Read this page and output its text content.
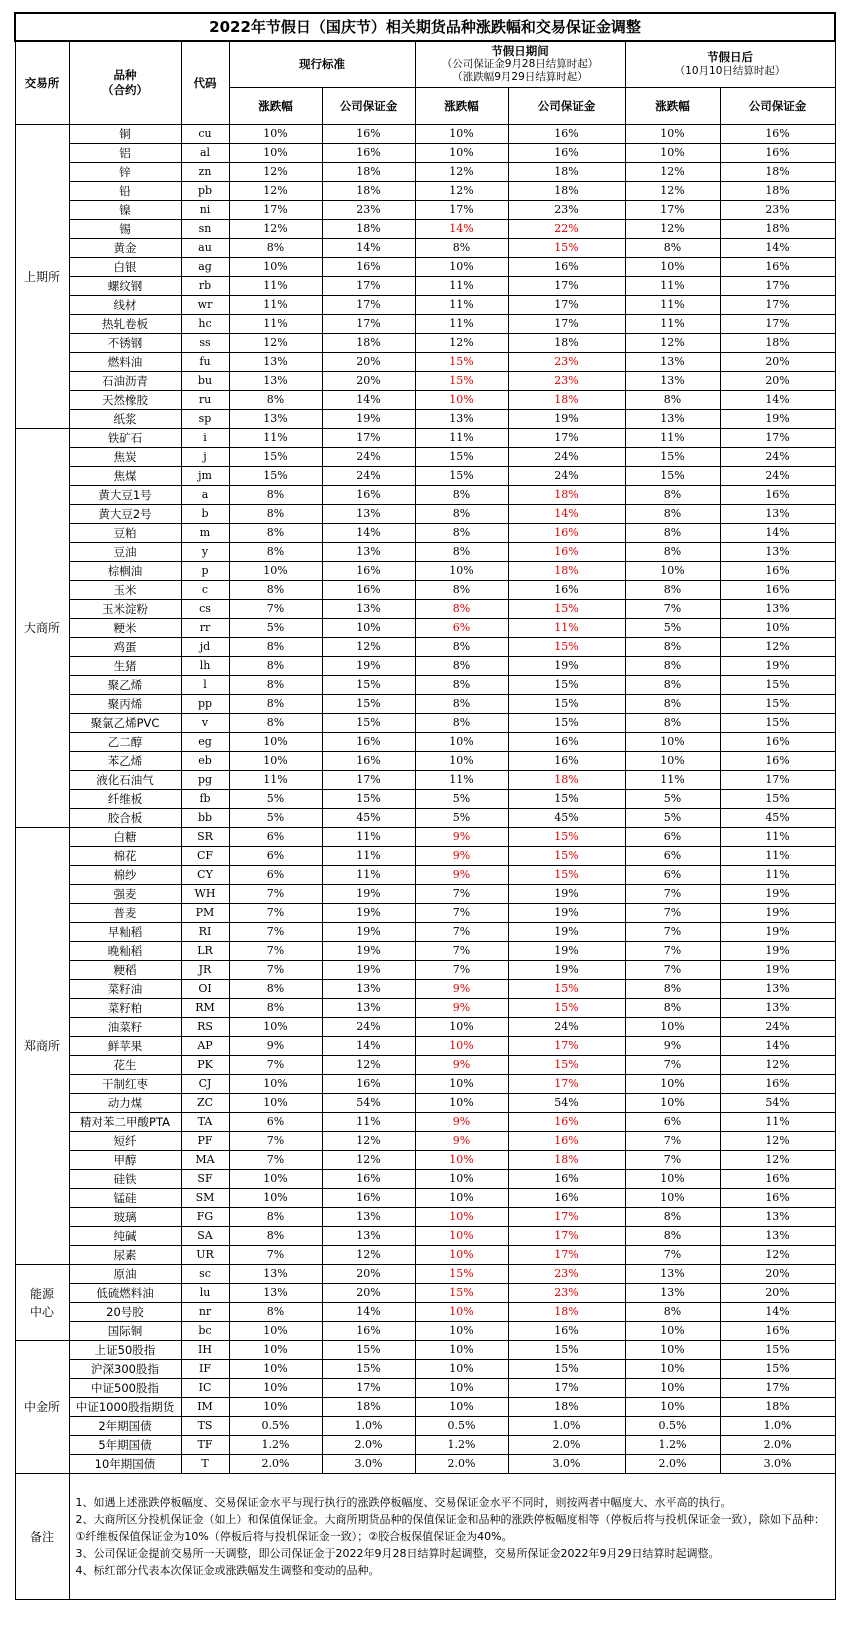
2022年节假日（国庆节）相关期货品种涨跌幅和交易保证金调整								
交易所	品种
（合约）	代码	现行标准		节假日期间
（公司保证金9月28日结算时起）
（涨跌幅9月29日结算时起）		节假日后
（10月10日结算时起）	

			涨跌幅	公司保证金	涨跌幅	公司保证金	涨跌幅	公司保证金
上期所	铜	cu	10%	16%	10%	16%	10%	16%
	铝	al	10%	16%	10%	16%	10%	16%
	锌	zn	12%	18%	12%	18%	12%	18%
	铅	pb	12%	18%	12%	18%	12%	18%
	镍	ni	17%	23%	17%	23%	17%	23%
	锡	sn	12%	18%	14%	22%	12%	18%
	黄金	au	8%	14%	8%	15%	8%	14%
	白银	ag	10%	16%	10%	16%	10%	16%
	螺纹钢	rb	11%	17%	11%	17%	11%	17%
	线材	wr	11%	17%	11%	17%	11%	17%
	热轧卷板	hc	11%	17%	11%	17%	11%	17%
	不锈钢	ss	12%	18%	12%	18%	12%	18%
	燃料油	fu	13%	20%	15%	23%	13%	20%
	石油沥青	bu	13%	20%	15%	23%	13%	20%
	天然橡胶	ru	8%	14%	10%	18%	8%	14%
	纸浆	sp	13%	19%	13%	19%	13%	19%
大商所	铁矿石	i	11%	17%	11%	17%	11%	17%
	焦炭	j	15%	24%	15%	24%	15%	24%
	焦煤	jm	15%	24%	15%	24%	15%	24%
	黄大豆1号	a	8%	16%	8%	18%	8%	16%
	黄大豆2号	b	8%	13%	8%	14%	8%	13%
	豆粕	m	8%	14%	8%	16%	8%	14%
	豆油	y	8%	13%	8%	16%	8%	13%
	棕榈油	p	10%	16%	10%	18%	10%	16%
	玉米	c	8%	16%	8%	16%	8%	16%
	玉米淀粉	cs	7%	13%	8%	15%	7%	13%
	粳米	rr	5%	10%	6%	11%	5%	10%
	鸡蛋	jd	8%	12%	8%	15%	8%	12%
	生猪	lh	8%	19%	8%	19%	8%	19%
	聚乙烯	l	8%	15%	8%	15%	8%	15%
	聚丙烯	pp	8%	15%	8%	15%	8%	15%
	聚氯乙烯PVC	v	8%	15%	8%	15%	8%	15%
	乙二醇	eg	10%	16%	10%	16%	10%	16%
	苯乙烯	eb	10%	16%	10%	16%	10%	16%
	液化石油气	pg	11%	17%	11%	18%	11%	17%
	纤维板	fb	5%	15%	5%	15%	5%	15%
	胶合板	bb	5%	45%	5%	45%	5%	45%
郑商所	白糖	SR	6%	11%	9%	15%	6%	11%
	棉花	CF	6%	11%	9%	15%	6%	11%
	棉纱	CY	6%	11%	9%	15%	6%	11%
	强麦	WH	7%	19%	7%	19%	7%	19%
	普麦	PM	7%	19%	7%	19%	7%	19%
	早籼稻	RI	7%	19%	7%	19%	7%	19%
	晚籼稻	LR	7%	19%	7%	19%	7%	19%
	粳稻	JR	7%	19%	7%	19%	7%	19%
	菜籽油	OI	8%	13%	9%	15%	8%	13%
	菜籽粕	RM	8%	13%	9%	15%	8%	13%
	油菜籽	RS	10%	24%	10%	24%	10%	24%
	鲜苹果	AP	9%	14%	10%	17%	9%	14%
	花生	PK	7%	12%	9%	15%	7%	12%
	干制红枣	CJ	10%	16%	10%	17%	10%	16%
	动力煤	ZC	10%	54%	10%	54%	10%	54%
	精对苯二甲酸PTA	TA	6%	11%	9%	16%	6%	11%
	短纤	PF	7%	12%	9%	16%	7%	12%
	甲醇	MA	7%	12%	10%	18%	7%	12%
	硅铁	SF	10%	16%	10%	16%	10%	16%
	锰硅	SM	10%	16%	10%	16%	10%	16%
	玻璃	FG	8%	13%	10%	17%	8%	13%
	纯碱	SA	8%	13%	10%	17%	8%	13%
	尿素	UR	7%	12%	10%	17%	7%	12%
能源中心	原油	sc	13%	20%	15%	23%	13%	20%
	低硫燃料油	lu	13%	20%	15%	23%	13%	20%
	20号胶	nr	8%	14%	10%	18%	8%	14%
	国际铜	bc	10%	16%	10%	16%	10%	16%
中金所	上证50股指	IH	10%	15%	10%	15%	10%	15%
	沪深300股指	IF	10%	15%	10%	15%	10%	15%
	中证500股指	IC	10%	17%	10%	17%	10%	17%
	中证1000股指期货	IM	10%	18%	10%	18%	10%	18%
	2年期国债	TS	0.5%	1.0%	0.5%	1.0%	0.5%	1.0%
	5年期国债	TF	1.2%	2.0%	1.2%	2.0%	1.2%	2.0%
	10年期国债	T	2.0%	3.0%	2.0%	3.0%	2.0%	3.0%
备注	1、如遇上述涨跌停板幅度、交易保证金水平与现行执行的涨跌停板幅度、交易保证金水平不同时，则按两者中幅度大、水平高的执行。
2、大商所区分投机保证金（如上）和保值保证金。大商所期货品种的保值保证金和品种的涨跌停板幅度相等（停板后将与投机保证金一致），除如下品种：①纤维板保值保证金为10%（停板后将与投机保证金一致）；②胶合板保值保证金为40%。
3、公司保证金提前交易所一天调整，即公司保证金于2022年9月28日结算时起调整，交易所保证金2022年9月29日结算时起调整。
4、标红部分代表本次保证金或涨跌幅发生调整和变动的品种。							
